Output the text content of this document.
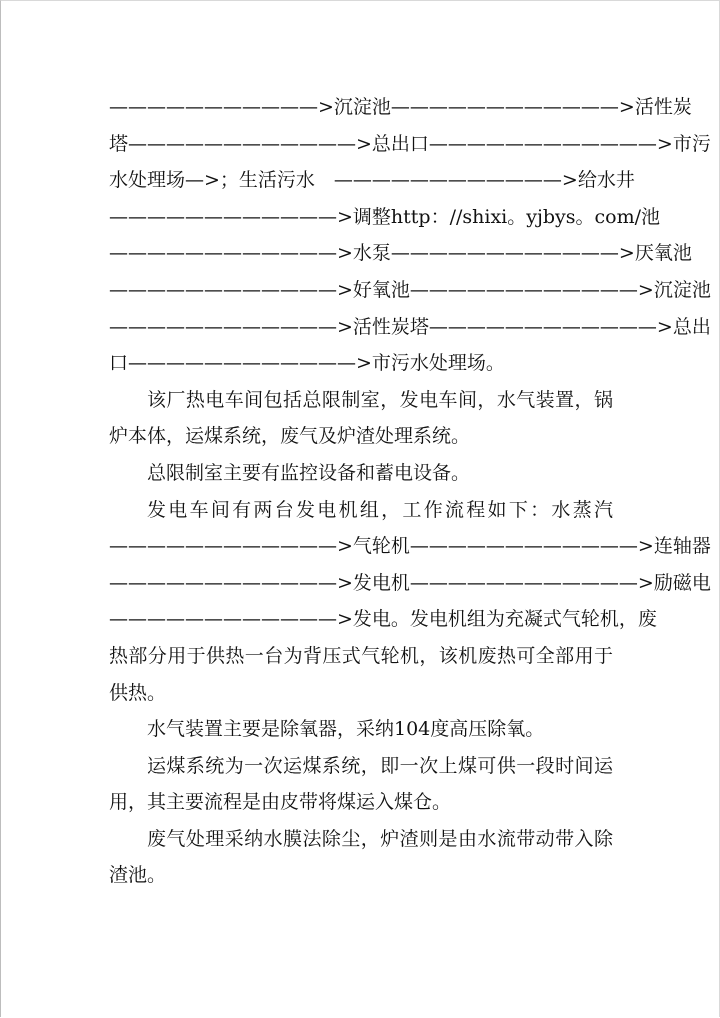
———————————>沉淀池————————————>活性炭
塔————————————>总出口————————————>市污
水处理场—>；生活污水　————————————>给水井
————————————>调整http：//shixi。yjbys。com/池
————————————>水泵————————————>厌氧池
————————————>好氧池————————————>沉淀池
————————————>活性炭塔————————————>总出
口————————————>市污水处理场。
该厂热电车间包括总限制室，发电车间，水气装置，锅
炉本体，运煤系统，废气及炉渣处理系统。
总限制室主要有监控设备和蓄电设备。
发电车间有两台发电机组，工作流程如下：水蒸汽
————————————>气轮机————————————>连轴器
————————————>发电机————————————>励磁电
————————————>发电。发电机组为充凝式气轮机，废
热部分用于供热一台为背压式气轮机，该机废热可全部用于
供热。
水气装置主要是除氧器，采纳104度高压除氧。
运煤系统为一次运煤系统，即一次上煤可供一段时间运
用，其主要流程是由皮带将煤运入煤仓。
废气处理采纳水膜法除尘，炉渣则是由水流带动带入除
渣池。
